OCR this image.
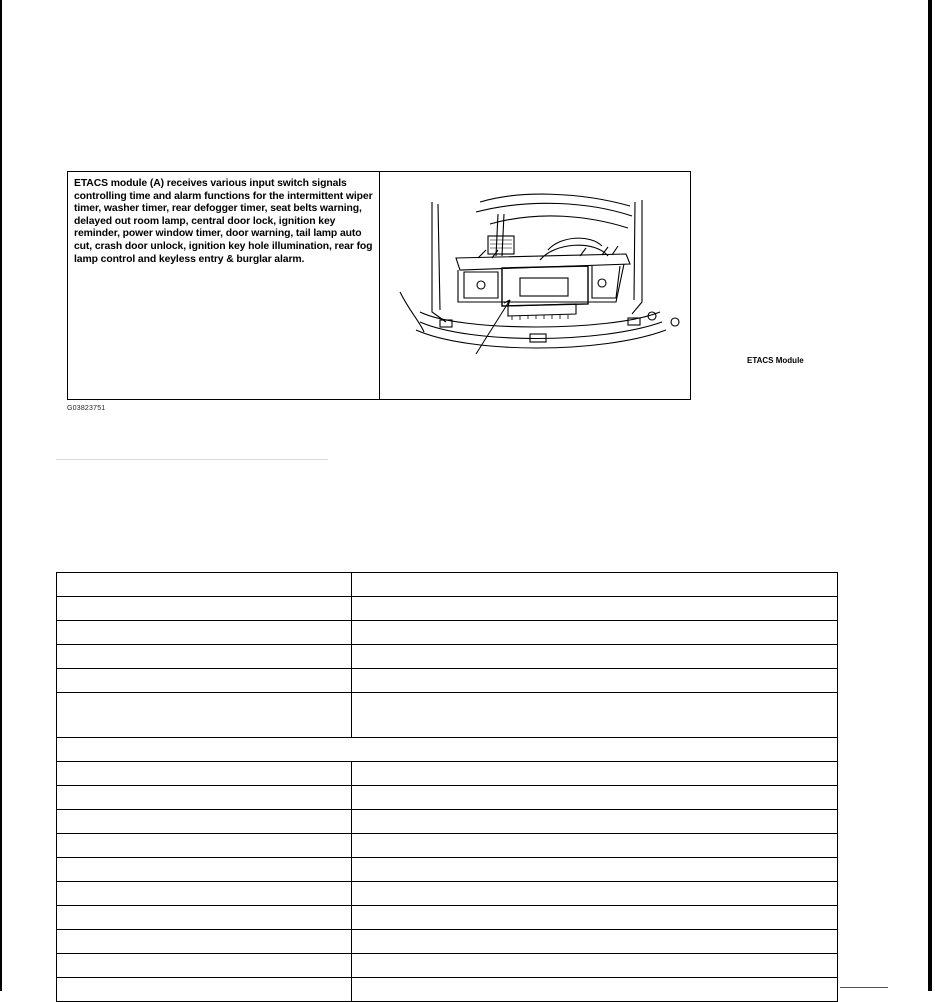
ETACS module (A) receives various input switch signals controlling time and alarm functions for the intermittent wiper timer, washer timer, rear defogger timer, seat belts warning, delayed out room lamp, central door lock, ignition key reminder, power window timer, door warning, tail lamp auto cut, crash door unlock, ignition key hole illumination, rear fog lamp control and keyless entry & burglar alarm.
ETACS Module
G03823751
